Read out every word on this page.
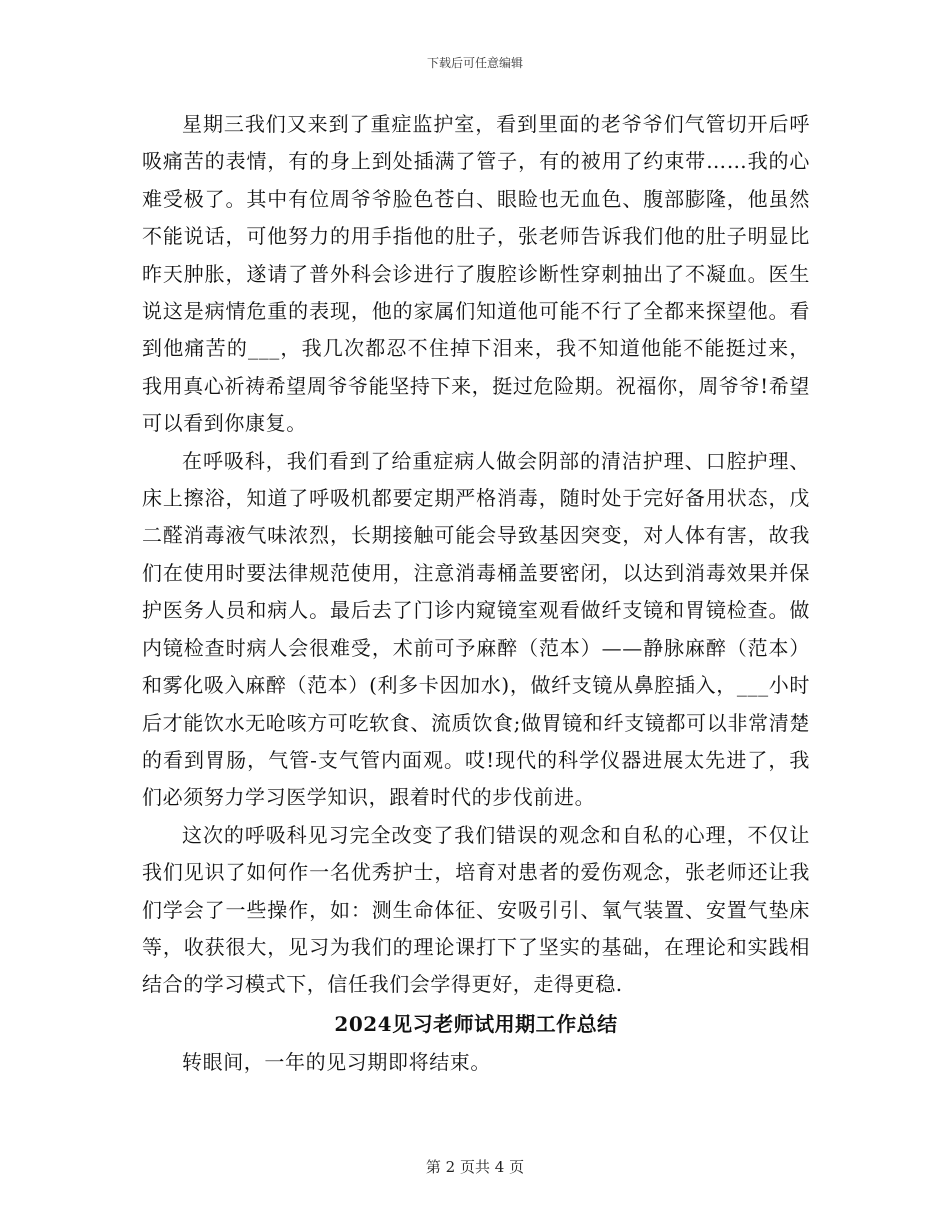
下载后可任意编辑

星期三我们又来到了重症监护室，看到里面的老爷爷们气管切开后呼吸痛苦的表情，有的身上到处插满了管子，有的被用了约束带……我的心难受极了。其中有位周爷爷脸色苍白、眼睑也无血色、腹部膨隆，他虽然不能说话，可他努力的用手指他的肚子，张老师告诉我们他的肚子明显比昨天肿胀，遂请了普外科会诊进行了腹腔诊断性穿刺抽出了不凝血。医生说这是病情危重的表现，他的家属们知道他可能不行了全都来探望他。看到他痛苦的___，我几次都忍不住掉下泪来，我不知道他能不能挺过来，我用真心祈祷希望周爷爷能坚持下来，挺过危险期。祝福你，周爷爷!希望可以看到你康复。

在呼吸科，我们看到了给重症病人做会阴部的清洁护理、口腔护理、床上擦浴，知道了呼吸机都要定期严格消毒，随时处于完好备用状态，戊二醛消毒液气味浓烈，长期接触可能会导致基因突变，对人体有害，故我们在使用时要法律规范使用，注意消毒桶盖要密闭，以达到消毒效果并保护医务人员和病人。最后去了门诊内窥镜室观看做纤支镜和胃镜检查。做内镜检查时病人会很难受，术前可予麻醉（范本）——静脉麻醉（范本）和雾化吸入麻醉（范本）(利多卡因加水)，做纤支镜从鼻腔插入，___小时后才能饮水无呛咳方可吃软食、流质饮食;做胃镜和纤支镜都可以非常清楚的看到胃肠，气管-支气管内面观。哎!现代的科学仪器进展太先进了，我们必须努力学习医学知识，跟着时代的步伐前进。

这次的呼吸科见习完全改变了我们错误的观念和自私的心理，不仅让我们见识了如何作一名优秀护士，培育对患者的爱伤观念，张老师还让我们学会了一些操作，如：测生命体征、安吸引引、氧气装置、安置气垫床等，收获很大，见习为我们的理论课打下了坚实的基础，在理论和实践相结合的学习模式下，信任我们会学得更好，走得更稳.

2024见习老师试用期工作总结

转眼间，一年的见习期即将结束。

第 2 页共 4 页
